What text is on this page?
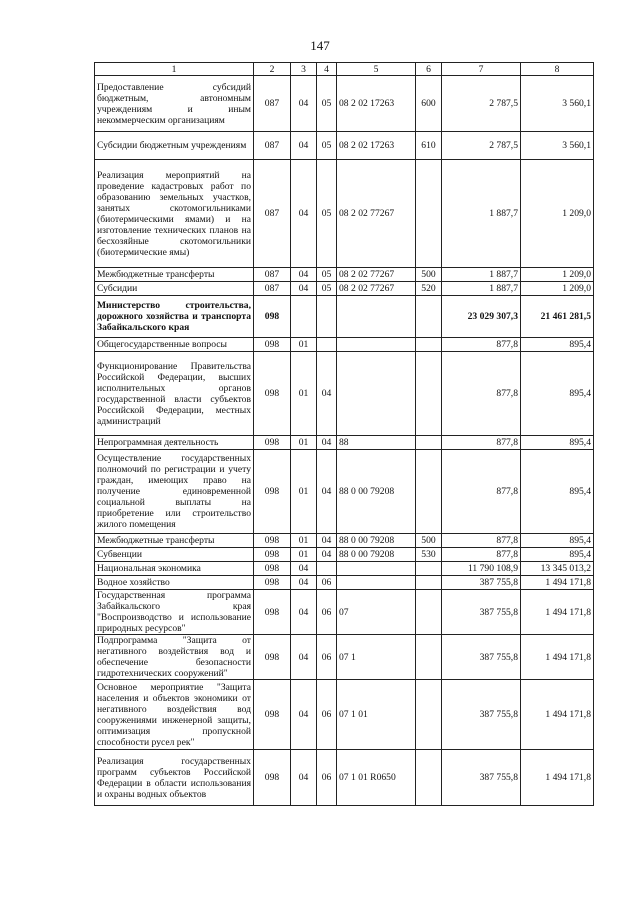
147
1	2	3	4	5	6	7	8
Предоставление субсидий бюджетным, автономным учреждениям и иным некоммерческим организациям	087	04	05	08 2 02 17263	600	2 787,5	3 560,1
Субсидии бюджетным учреждениям	087	04	05	08 2 02 17263	610	2 787,5	3 560,1
Реализация мероприятий на проведение кадастровых работ по образованию земельных участков, занятых скотомогильниками (биотермическими ямами) и на изготовление технических планов на бесхозяйные скотомогильники (биотермические ямы)	087	04	05	08 2 02 77267		1 887,7	1 209,0
Межбюджетные трансферты	087	04	05	08 2 02 77267	500	1 887,7	1 209,0
Субсидии	087	04	05	08 2 02 77267	520	1 887,7	1 209,0
Министерство строительства, дорожного хозяйства и транспорта Забайкальского края	098					23 029 307,3	21 461 281,5
Общегосударственные вопросы	098	01				877,8	895,4
Функционирование Правительства Российской Федерации, высших исполнительных органов государственной власти субъектов Российской Федерации, местных администраций	098	01	04			877,8	895,4
Непрограммная деятельность	098	01	04	88		877,8	895,4
Осуществление государственных полномочий по регистрации и учету граждан, имеющих право на получение единовременной социальной выплаты на приобретение или строительство жилого помещения	098	01	04	88 0 00 79208		877,8	895,4
Межбюджетные трансферты	098	01	04	88 0 00 79208	500	877,8	895,4
Субвенции	098	01	04	88 0 00 79208	530	877,8	895,4
Национальная экономика	098	04				11 790 108,9	13 345 013,2
Водное хозяйство	098	04	06			387 755,8	1 494 171,8
Государственная программа Забайкальского края "Воспроизводство и использование природных ресурсов"	098	04	06	07		387 755,8	1 494 171,8
Подпрограмма "Защита от негативного воздействия вод и обеспечение безопасности гидротехнических сооружений"	098	04	06	07 1		387 755,8	1 494 171,8
Основное мероприятие "Защита населения и объектов экономики от негативного воздействия вод сооружениями инженерной защиты, оптимизация пропускной способности русел рек"	098	04	06	07 1 01		387 755,8	1 494 171,8
Реализация государственных программ субъектов Российской Федерации в области использования и охраны водных объектов	098	04	06	07 1 01 R0650		387 755,8	1 494 171,8
